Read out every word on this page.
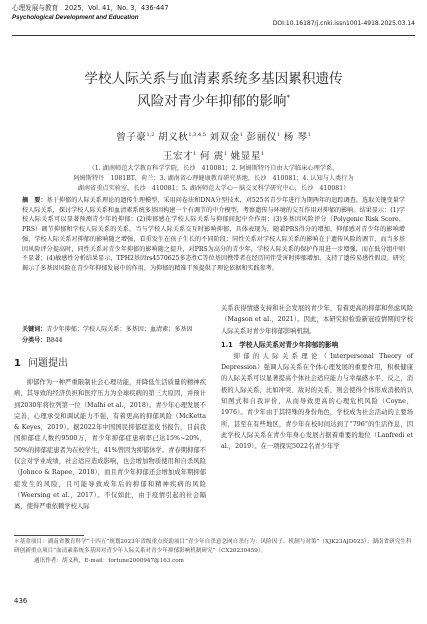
心理发展与教育　 2025，Vol. 41，No. 3，436-447
Psychological Development and Education
DOI:10.16187/j.cnki.issn1001-4918.2025.03.14
学校人际关系与血清素系统多基因累积遗传
风险对青少年抑郁的影响*
曾子豪$^{1,2}$ 胡义秋$^{1,3,4,5}$ 刘双金$^1$ 彭丽仪$^1$ 杨 琴$^1$
王宏才$^1$ 何 震$^1$ 姚显星$^1$
（1. 湖南师范大学教育科学学院，长沙　410081；2. 阿姆斯特丹自由大学临床心理学系，
阿姆斯特丹　1081BT，荷兰；3. 湖南省心理健康教育研究基地，长沙　410081；4. 认知与人类行为
湖南省重点实验室，长沙　410081；5. 湖南师范大学心－脑交叉科学研究中心，长沙　410081）
摘　要：基于抑郁的人际关系理论的遗传生理模型，采用问卷法和DNA分型技术，对525名青少年进行为期两年的追踪调查，选取关键变量学校人际关系，探讨学校人际关系和血清素系统多基因构建一个有调节的中介模型，考察遗传与环境的交互作用对抑郁的影响。结果显示：(1)学校人际关系可以显著预测青少年的抑郁；(2)抑郁感在学校人际关系与抑郁间起中介作用；(3)多基因风险评分（Polygenic Risk Score，PRS）调节抑郁和学校人际关系的关系，当与学校人际关系交互时影响抑郁，具体表现为，随着PRS得分的增加，抑郁感对青少年的影响增强，学校人际关系对抑郁的影响随之增强，看重发生在孩子生长的不同阶段；同性关系对学校人际关系的影响在于遗传风险的调节，而当多基因风险评分提高时，同性关系对青少年抑郁的影响随之提升，对PRS为高分的青少年，学校人际关系的保护作用进一步增强，而在低分组中则不显著；(4)敏感性分析结果显示，TPH2基因rs4570625多态性C等位基因携带者在经历同伴受害时抑郁增加，支持了遗传易感性假设。研究揭示了多基因风险在青少年抑郁发展中的作用，为抑郁的精准干预提供了理论依据和实践参考。
关键词：青少年抑郁；学校人际关系；多基因；血清素；多基因
分类号：B844
1 问题提出

抑郁作为一种严重限制社会心理功能，并降低生活质量的精神疾病，其导致的经济负担和医疗压力为全球疾病的第三大原因，并预计到2030年将位列第一位（Malhi et al.，2018）。青少年心理发展不完善，心理承受和调试能力不强，有着更高的抑郁风险（McKetta & Keyes，2019）。据2022年中国国民抑郁症蓝皮书报告，目前我国抑郁症人数约9500万，青少年抑郁症患病率已达15%~20%，50%的抑郁症患者为在校学生，41%曾因为抑郁休学。青春期抑郁不仅会对学业成绩，社会适应造成影响，也会增加物质使用和自杀风险（Johnco & Rapee，2018），而且青少年抑郁还会增加成年期抑郁症发生的风险，且可能导致成年后的抑郁和精神疾病的风险（Weersing et al.，2017）。不仅如此，由于疫情引起的社会隔离，使得严重依赖学校人际

关系获得情感支持和社会发展的青少年，有着更高的抑郁和焦虑风险（Magson et al.，2021）。因此，本研究拟检验新冠疫情期间学校人际关系对青少年抑郁影响机制。

1.1　 学校人际关系对青少年抑郁的影响

抑郁的人际关系理论（Interpersonal Theory of Depression）强调人际关系在个体心理发展的重要作用，积极健康的人际关系可以显著提高个体社会适应能力与幸福感水平，反之，消极的人际关系，比如冲突、敌对的关系，则会使得个体形成消极的认知图式和自我评价，从而导致更高的心理危机风险（Coyne，1976）。青少年由于其特殊的身份角色，学校成为社会活动的主要场所，甚至在有些地区，青少年在校时间达到了“796”的生活作息，因此学校人际关系在青少年身心发展占据着重要的地位（Lanfredi et al.，2019）。在一项探究5022名青少年学

＊基金项目：湖南省教育科学“十四五”规划2023年省级重点资助项目“青少年自杀意念网自杀行为：风险因子、机制与对策”（XJK23AJD023）；湖南省研究生科研创新重点项目“血清素系统多基因对青少年人际关系对青少年抑郁影响机制研究”（CX20230459）。

通讯作者：胡义秋，E-mail：fortune2000947@163.com

436
